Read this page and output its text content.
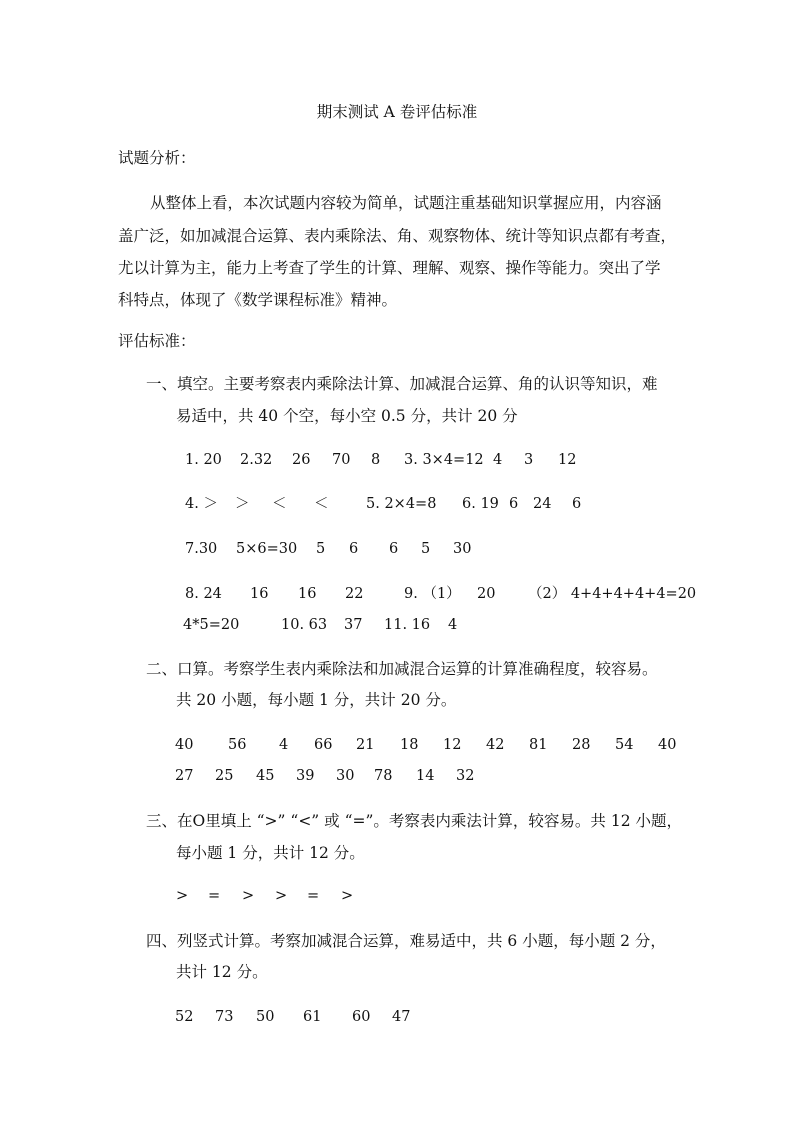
期末测试 A 卷评估标准
试题分析：
从整体上看，本次试题内容较为简单，试题注重基础知识掌握应用，内容涵
盖广泛，如加减混合运算、表内乘除法、角、观察物体、统计等知识点都有考查，
尤以计算为主，能力上考查了学生的计算、理解、观察、操作等能力。突出了学
科特点，体现了《数学课程标准》精神。
评估标准：
一、填空。主要考察表内乘除法计算、加减混合运算、角的认识等知识，难
易适中，共 40 个空，每小空 0.5 分，共计 20 分
1. 20 2.32 26 70 8 3. 3×4=12 4 3 12
4. ＞ ＞ ＜ ＜	5. 2×4=8 6. 19 6 24 6
7.30 5×6=30 5 6 6 5 30
8. 24 16 16 22	9. （1） 20 （2） 4+4+4+4+4=20
4*5=20	10. 63 37 11. 16 4
二、口算。考察学生表内乘除法和加减混合运算的计算准确程度，较容易。
共 20 小题，每小题 1 分，共计 20 分。
40 56 4 66 21 18 12 42 81 28 54 40
27 25 45 39 30 78 14 32
三、在O里填上 “>” “<” 或 “=”。考察表内乘法计算，较容易。共 12 小题，
每小题 1 分，共计 12 分。
> = > > = >
四、列竖式计算。考察加减混合运算，难易适中，共 6 小题，每小题 2 分，
共计 12 分。
52 73 50 61 60 47
